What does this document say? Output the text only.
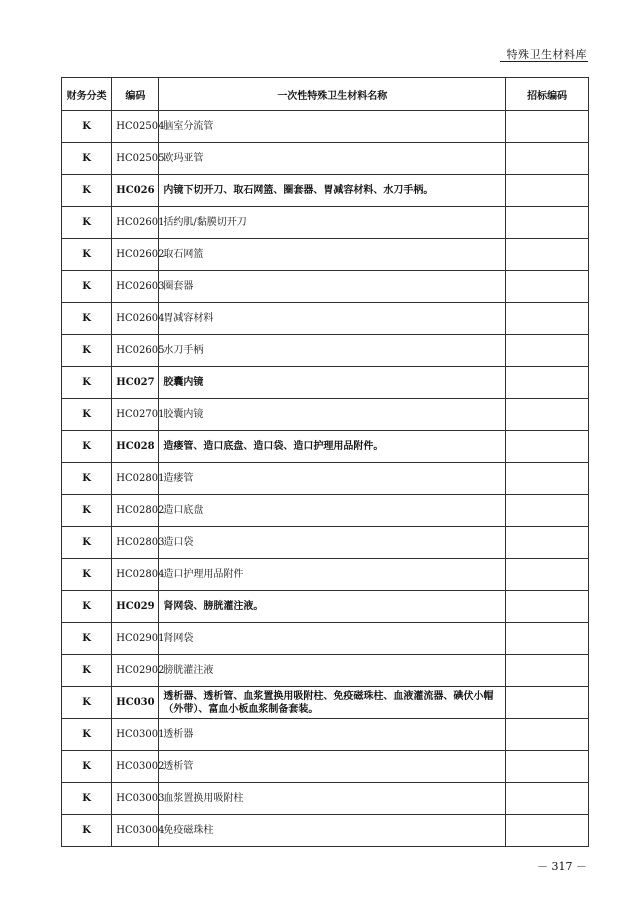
特殊卫生材料库
财务分类	编码	一次性特殊卫生材料名称	招标编码
K	HC02504	脑室分流管	
K	HC02505	欧玛亚管	
K	HC026	内镜下切开刀、取石网篮、圈套器、胃减容材料、水刀手柄。	
K	HC02601	括约肌/黏膜切开刀	
K	HC02602	取石网篮	
K	HC02603	圈套器	
K	HC02604	胃减容材料	
K	HC02605	水刀手柄	
K	HC027	胶囊内镜	
K	HC02701	胶囊内镜	
K	HC028	造瘘管、造口底盘、造口袋、造口护理用品附件。	
K	HC02801	造瘘管	
K	HC02802	造口底盘	
K	HC02803	造口袋	
K	HC02804	造口护理用品附件	
K	HC029	肾网袋、膀胱灌注液。	
K	HC02901	肾网袋	
K	HC02902	膀胱灌注液	
K	HC030	透析器、透析管、血浆置换用吸附柱、免疫磁珠柱、血液灌流器、碘伏小帽（外带）、富血小板血浆制备套装。	
K	HC03001	透析器	
K	HC03002	透析管	
K	HC03003	血浆置换用吸附柱	
K	HC03004	免疫磁珠柱	
－ 317 －
